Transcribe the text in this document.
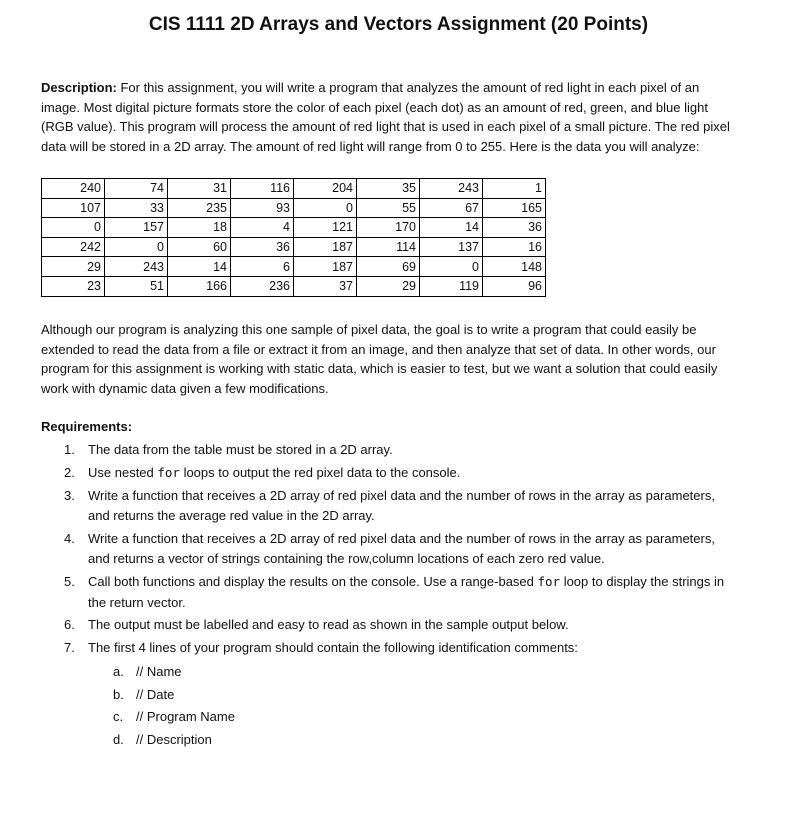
CIS 1111 2D Arrays and Vectors Assignment (20 Points)

Description: For this assignment, you will write a program that analyzes the amount of red light in each pixel of an
image. Most digital picture formats store the color of each pixel (each dot) as an amount of red, green, and blue light
(RGB value). This program will process the amount of red light that is used in each pixel of a small picture. The red pixel
data will be stored in a 2D array. The amount of red light will range from 0 to 255. Here is the data you will analyze:

240	74	31	116	204	35	243	1
107	33	235	93	0	55	67	165
0	157	18	4	121	170	14	36
242	0	60	36	187	114	137	16
29	243	14	6	187	69	0	148
23	51	166	236	37	29	119	96

Although our program is analyzing this one sample of pixel data, the goal is to write a program that could easily be
extended to read the data from a file or extract it from an image, and then analyze that set of data. In other words, our
program for this assignment is working with static data, which is easier to test, but we want a solution that could easily
work with dynamic data given a few modifications.

Requirements:
1. The data from the table must be stored in a 2D array.
2. Use nested for loops to output the red pixel data to the console.
3. Write a function that receives a 2D array of red pixel data and the number of rows in the array as parameters,
and returns the average red value in the 2D array.
4. Write a function that receives a 2D array of red pixel data and the number of rows in the array as parameters,
and returns a vector of strings containing the row,column locations of each zero red value.
5. Call both functions and display the results on the console. Use a range-based for loop to display the strings in
the return vector.
6. The output must be labelled and easy to read as shown in the sample output below.
7. The first 4 lines of your program should contain the following identification comments:
a. // Name
b. // Date
c. // Program Name
d. // Description
